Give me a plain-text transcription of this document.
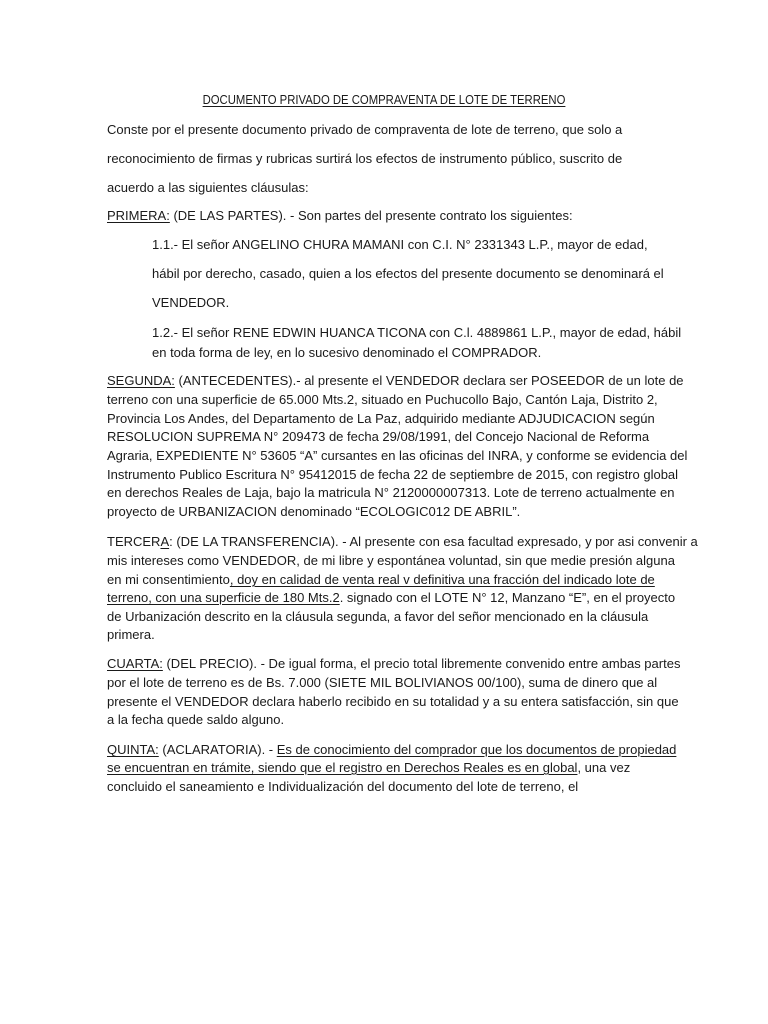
DOCUMENTO PRIVADO DE COMPRAVENTA DE LOTE DE TERRENO
Conste por el presente documento privado de compraventa de lote de terreno, que solo a
reconocimiento de firmas y rubricas surtirá los efectos de instrumento público, suscrito de
acuerdo a las siguientes cláusulas:
PRIMERA: (DE LAS PARTES). - Son partes del presente contrato los siguientes:
1.1.- El señor ANGELINO CHURA MAMANI con C.I. N° 2331343 L.P., mayor de edad,
hábil por derecho, casado, quien a los efectos del presente documento se denominará el
VENDEDOR.
1.2.- El señor RENE EDWIN HUANCA TICONA con C.l. 4889861 L.P., mayor de edad, hábil
en toda forma de ley, en lo sucesivo denominado el COMPRADOR.
SEGUNDA: (ANTECEDENTES).- al presente el VENDEDOR declara ser POSEEDOR de un lote de
terreno con una superficie de 65.000 Mts.2, situado en Puchucollo Bajo, Cantón Laja, Distrito 2,
Provincia Los Andes, del Departamento de La Paz, adquirido mediante ADJUDICACION según
RESOLUCION SUPREMA N° 209473 de fecha 29/08/1991, del Concejo Nacional de Reforma
Agraria, EXPEDIENTE N° 53605 “A” cursantes en las oficinas del INRA, y conforme se evidencia del
Instrumento Publico Escritura N° 95412015 de fecha 22 de septiembre de 2015, con registro global
en derechos Reales de Laja, bajo la matricula N° 2120000007313. Lote de terreno actualmente en
proyecto de URBANIZACION denominado “ECOLOGIC012 DE ABRIL”.
TERCERA: (DE LA TRANSFERENCIA). - Al presente con esa facultad expresado, y por asi convenir a
mis intereses como VENDEDOR, de mi libre y espontánea voluntad, sin que medie presión alguna
en mi consentimiento, doy en calidad de venta real v definitiva una fracción del indicado lote de
terreno, con una superficie de 180 Mts.2. signado con el LOTE N° 12, Manzano “E”, en el proyecto
de Urbanización descrito en la cláusula segunda, a favor del señor mencionado en la cláusula
primera.
CUARTA: (DEL PRECIO). - De igual forma, el precio total libremente convenido entre ambas partes
por el lote de terreno es de Bs. 7.000 (SIETE MIL BOLIVIANOS 00/100), suma de dinero que al
presente el VENDEDOR declara haberlo recibido en su totalidad y a su entera satisfacción, sin que
a la fecha quede saldo alguno.
QUINTA: (ACLARATORIA). - Es de conocimiento del comprador que los documentos de propiedad
se encuentran en trámite, siendo que el registro en Derechos Reales es en global, una vez
concluido el saneamiento e Individualización del documento del lote de terreno, el
